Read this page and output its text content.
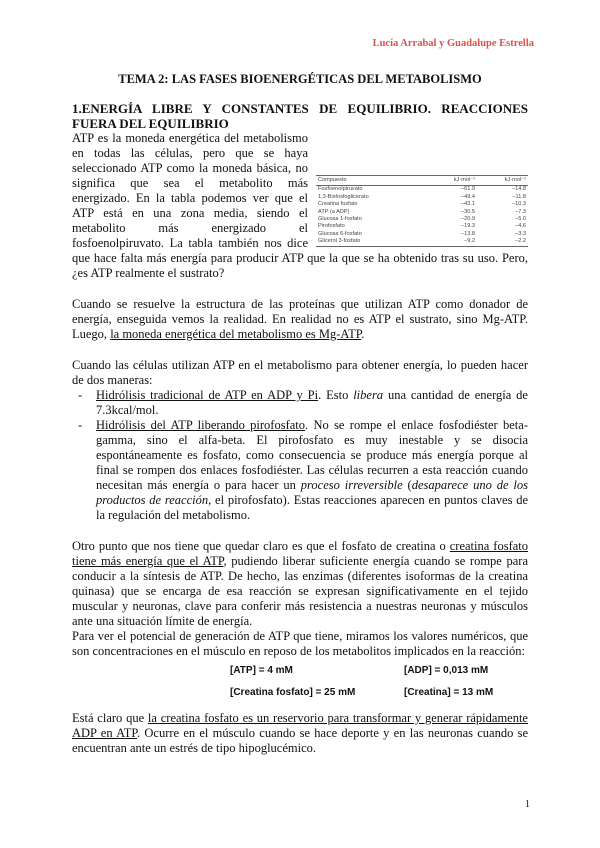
Lucía Arrabal y Guadalupe Estrella
TEMA 2: LAS FASES BIOENERGÉTICAS DEL METABOLISMO
1.ENERGÍA LIBRE Y CONSTANTES DE EQUILIBRIO. REACCIONES FUERA DEL EQUILIBRIO
Compuesto	kJ·mol⁻¹	kJ·mol⁻¹
Fosfoenolpiruvato	−61.9	−14.8
1,3-Bisfosfoglicerato	−49.4	−11.8
Creatina fosfato	−43.1	−10.3
ATP (a ADP)	−30.5	−7.3
Glucosa 1-fosfato	−20.9	−5.0
Pirofosfato	−19.3	−4.6
Glucosa 6-fosfato	−13.8	−3.3
Glicerol 3-fosfato	−9.2	−2.2
ATP es la moneda energética del metabolismo en todas las células, pero que se haya seleccionado ATP como la moneda básica, no significa que sea el metabolito más energizado. En la tabla podemos ver que el ATP está en una zona media, siendo el metabolito más energizado el fosfoenolpiruvato. La tabla también nos dice que hace falta más energía para producir ATP que la que se ha obtenido tras su uso. Pero, ¿es ATP realmente el sustrato?
Cuando se resuelve la estructura de las proteínas que utilizan ATP como donador de energía, enseguida vemos la realidad. En realidad no es ATP el sustrato, sino Mg-ATP. Luego, la moneda energética del metabolismo es Mg-ATP.
Cuando las células utilizan ATP en el metabolismo para obtener energía, lo pueden hacer de dos maneras:
- Hidrólisis tradicional de ATP en ADP y Pi. Esto libera una cantidad de energía de 7.3kcal/mol.
- Hidrólisis del ATP liberando pirofosfato. No se rompe el enlace fosfodiéster beta-gamma, sino el alfa-beta. El pirofosfato es muy inestable y se disocia espontáneamente es fosfato, como consecuencia se produce más energía porque al final se rompen dos enlaces fosfodiéster. Las células recurren a esta reacción cuando necesitan más energía o para hacer un proceso irreversible (desaparece uno de los productos de reacción, el pirofosfato). Estas reacciones aparecen en puntos claves de la regulación del metabolismo.
Otro punto que nos tiene que quedar claro es que el fosfato de creatina o creatina fosfato tiene más energía que el ATP, pudiendo liberar suficiente energía cuando se rompe para conducir a la síntesis de ATP. De hecho, las enzimas (diferentes isoformas de la creatina quinasa) que se encarga de esa reacción se expresan significativamente en el tejido muscular y neuronas, clave para conferir más resistencia a nuestras neuronas y músculos ante una situación límite de energía.
Para ver el potencial de generación de ATP que tiene, miramos los valores numéricos, que son concentraciones en el músculo en reposo de los metabolitos implicados en la reacción:
[ATP] = 4 mM	[ADP] = 0,013 mM
[Creatina fosfato] = 25 mM	[Creatina] = 13 mM
Está claro que la creatina fosfato es un reservorio para transformar y generar rápidamente ADP en ATP. Ocurre en el músculo cuando se hace deporte y en las neuronas cuando se encuentran ante un estrés de tipo hipoglucémico.
1
